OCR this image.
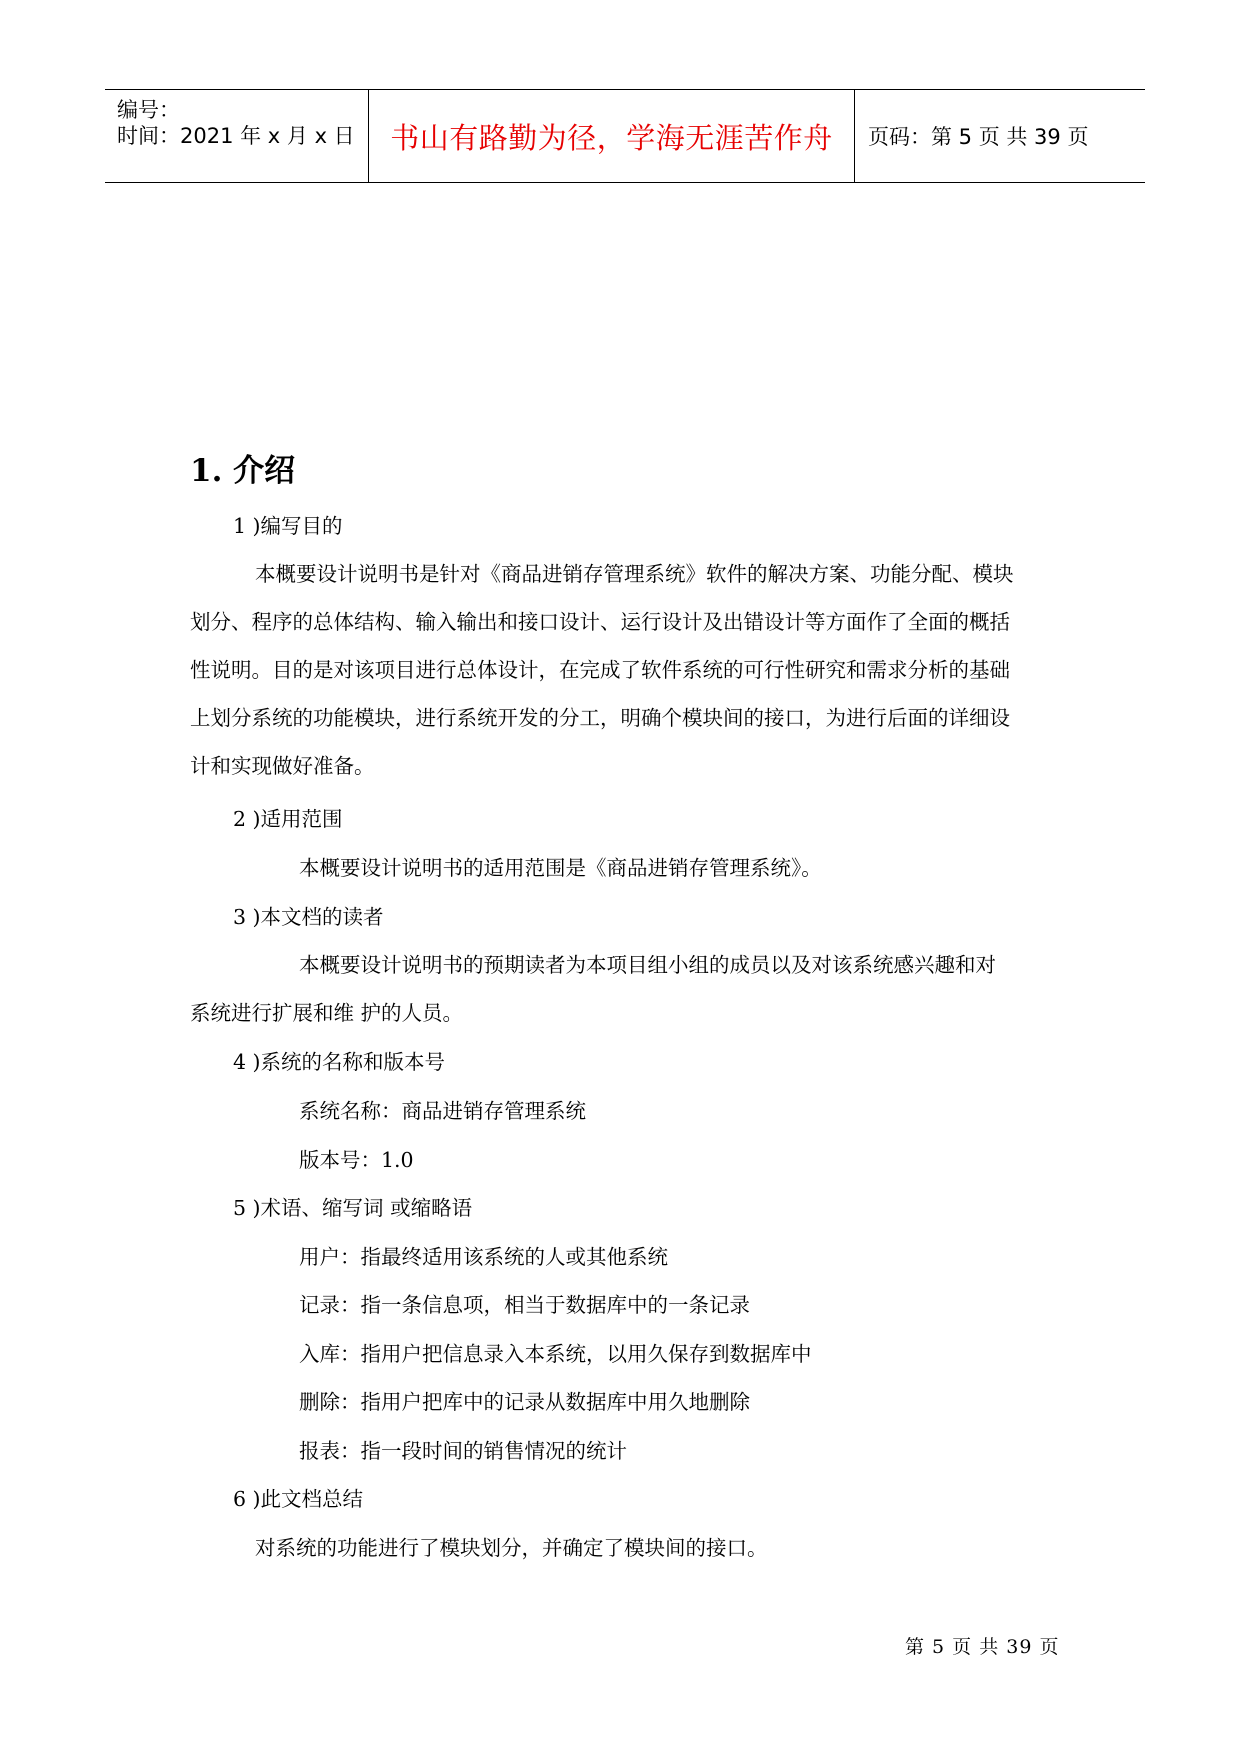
编号：
时间：2021 年 x 月 x 日 书山有路勤为径，学海无涯苦作舟	页码：第 5 页 共 39 页
1. 介绍
1 )编写目的
本概要设计说明书是针对《商品进销存管理系统》软件的解决方案、功能分配、模块
划分、程序的总体结构、输入输出和接口设计、运行设计及出错设计等方面作了全面的概括
性说明。目的是对该项目进行总体设计，在完成了软件系统的可行性研究和需求分析的基础
上划分系统的功能模块，进行系统开发的分工，明确个模块间的接口，为进行后面的详细设
计和实现做好准备。
2 )适用范围
本概要设计说明书的适用范围是《商品进销存管理系统》。
3 )本文档的读者
本概要设计说明书的预期读者为本项目组小组的成员以及对该系统感兴趣和对
系统进行扩展和维 护的人员。
4 )系统的名称和版本号
系统名称：商品进销存管理系统
版本号：1.0
5 )术语、缩写词 或缩略语
用户：指最终适用该系统的人或其他系统
记录：指一条信息项，相当于数据库中的一条记录
入库：指用户把信息录入本系统，以用久保存到数据库中
删除：指用户把库中的记录从数据库中用久地删除
报表：指一段时间的销售情况的统计
6 )此文档总结
对系统的功能进行了模块划分，并确定了模块间的接口。
第 5 页 共 39 页
